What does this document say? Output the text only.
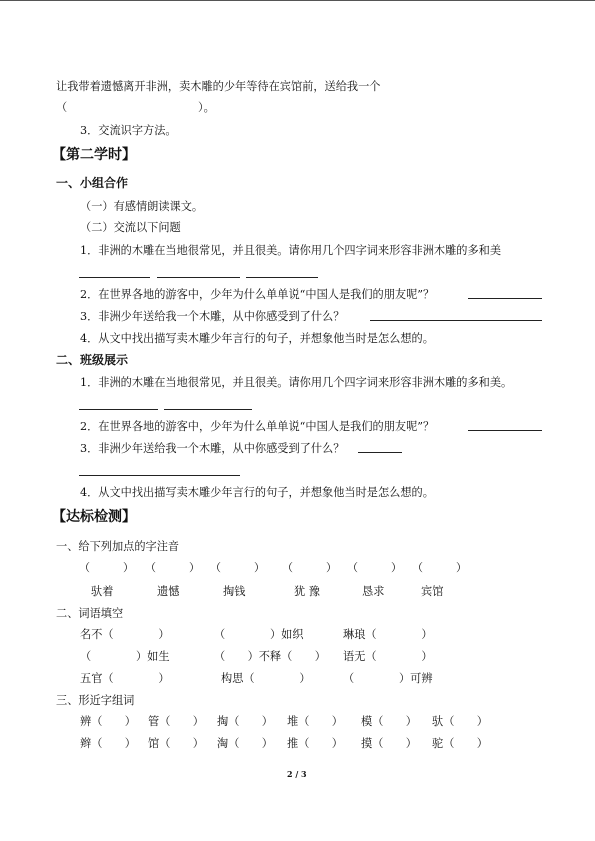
让我带着遗憾离开非洲，卖木雕的少年等待在宾馆前，送给我一个
（	）。
3．交流识字方法。
【第二学时】
一、小组合作
（一）有感情朗读课文。
（二）交流以下问题
1．非洲的木雕在当地很常见，并且很美。请你用几个四字词来形容非洲木雕的多和美
2．在世界各地的游客中，少年为什么单单说“中国人是我们的朋友呢”？
3．非洲少年送给我一个木雕，从中你感受到了什么？
4．从文中找出描写卖木雕少年言行的句子，并想象他当时是怎么想的。
二、班级展示
1．非洲的木雕在当地很常见，并且很美。请你用几个四字词来形容非洲木雕的多和美。
2．在世界各地的游客中，少年为什么单单说“中国人是我们的朋友呢”？
3．非洲少年送给我一个木雕，从中你感受到了什么？
4．从文中找出描写卖木雕少年言行的句子，并想象他当时是怎么想的。
【达标检测】
一、给下列加点的字注音
（　　　） （　　　） （　　　） （　　　） （　　　） （　　　）
驮着	遗憾	掏钱	犹 豫	恳求	宾馆
二、词语填空
名不（　　　　）	（　　　　）如织	琳琅（　　　　）
（　　　　）如生	（　　）不释（　　） 语无（　　　　）
五官（　　　　）	构思（　　　　）	（　　　　）可辨
三、形近字组词
辨（　　） 管（　　） 掏（　　） 堆（　　） 模（　　） 驮（　　）
辫（　　） 馆（　　） 淘（　　） 推（　　） 摸（　　） 驼（　　）
2 / 3
